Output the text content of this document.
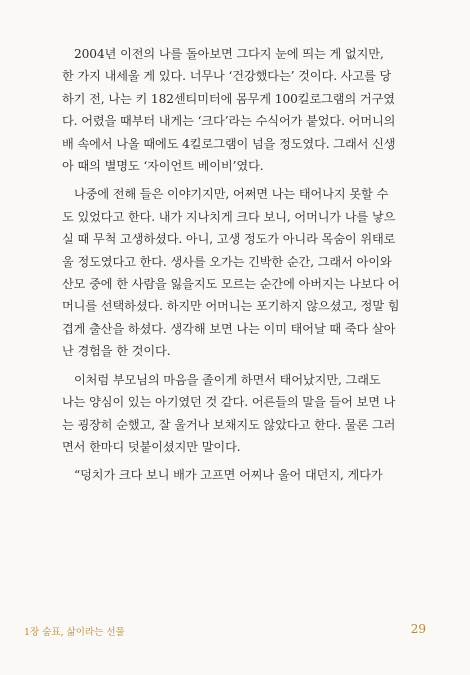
2004년 이전의 나를 돌아보면 그다지 눈에 띄는 게 없지만,
한 가지 내세울 게 있다. 너무나 ‘건강했다는’ 것이다. 사고를 당
하기 전, 나는 키 182센티미터에 몸무게 100킬로그램의 거구였
다. 어렸을 때부터 내게는 ‘크다’라는 수식어가 붙었다. 어머니의
배 속에서 나올 때에도 4킬로그램이 넘을 정도였다. 그래서 신생
아 때의 별명도 ‘자이언트 베이비’였다.

나중에 전해 들은 이야기지만, 어쩌면 나는 태어나지 못할 수
도 있었다고 한다. 내가 지나치게 크다 보니, 어머니가 나를 낳으
실 때 무척 고생하셨다. 아니, 고생 정도가 아니라 목숨이 위태로
울 정도였다고 한다. 생사를 오가는 긴박한 순간, 그래서 아이와
산모 중에 한 사람을 잃을지도 모르는 순간에 아버지는 나보다 어
머니를 선택하셨다. 하지만 어머니는 포기하지 않으셨고, 정말 힘
겹게 출산을 하셨다. 생각해 보면 나는 이미 태어날 때 죽다 살아
난 경험을 한 것이다.

이처럼 부모님의 마음을 졸이게 하면서 태어났지만, 그래도
나는 양심이 있는 아기였던 것 같다. 어른들의 말을 들어 보면 나
는 굉장히 순했고, 잘 울거나 보채지도 않았다고 한다. 물론 그러
면서 한마디 덧붙이셨지만 말이다.

“덩치가 크다 보니 배가 고프면 어찌나 울어 대던지, 게다가

1장 숨표, 삶이라는 선물	29
